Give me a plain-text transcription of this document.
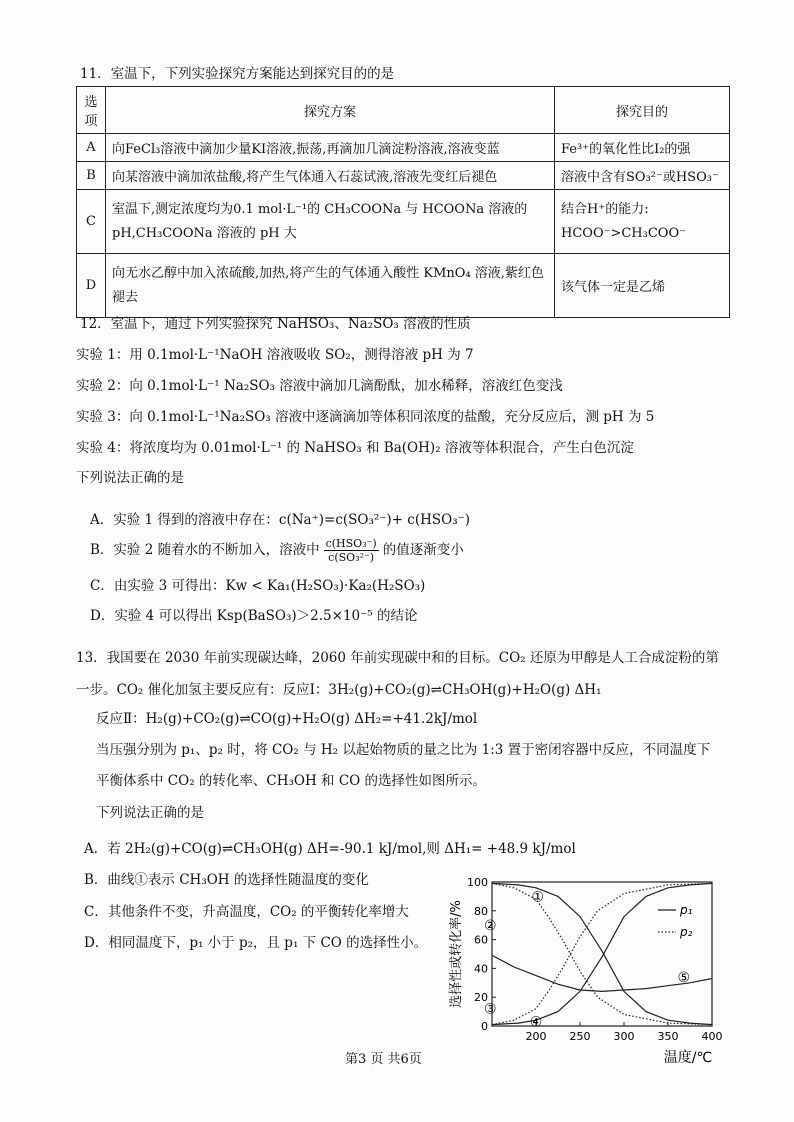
11．室温下，下列实验探究方案能达到探究目的的是
选项	探究方案	探究目的
A	向FeCl₃溶液中滴加少量KI溶液,振荡,再滴加几滴淀粉溶液,溶液变蓝	Fe³⁺的氧化性比I₂的强
B	向某溶液中滴加浓盐酸,将产生气体通入石蕊试液,溶液先变红后褪色	溶液中含有SO₃²⁻或HSO₃⁻
C	室温下,测定浓度均为0.1 mol·L⁻¹的 CH₃COONa 与 HCOONa 溶液的pH,CH₃COONa 溶液的 pH 大	结合H⁺的能力: HCOO⁻>CH₃COO⁻
D	向无水乙醇中加入浓硫酸,加热,将产生的气体通入酸性 KMnO₄ 溶液,紫红色褪去	该气体一定是乙烯
12．室温下，通过下列实验探究 NaHSO₃、Na₂SO₃ 溶液的性质
实验 1：用 0.1mol·L⁻¹NaOH 溶液吸收 SO₂，测得溶液 pH 为 7
实验 2：向 0.1mol·L⁻¹ Na₂SO₃ 溶液中滴加几滴酚酞，加水稀释，溶液红色变浅
实验 3：向 0.1mol·L⁻¹Na₂SO₃ 溶液中逐滴滴加等体积同浓度的盐酸，充分反应后，测 pH 为 5
实验 4：将浓度均为 0.01mol·L⁻¹ 的 NaHSO₃ 和 Ba(OH)₂ 溶液等体积混合，产生白色沉淀
下列说法正确的是
A．实验 1 得到的溶液中存在：c(Na⁺)=c(SO₃²⁻)+ c(HSO₃⁻)
B．实验 2 随着水的不断加入，溶液中 $\frac{\text{c(HSO₃⁻)}}{\text{c(SO₃²⁻)}}$ 的值逐渐变小
C．由实验 3 可得出：Kw < Ka₁(H₂SO₃)·Ka₂(H₂SO₃)
D．实验 4 可以得出 Ksp(BaSO₃)＞2.5×10⁻⁵ 的结论
13．我国要在 2030 年前实现碳达峰，2060 年前实现碳中和的目标。CO₂ 还原为甲醇是人工合成淀粉的第
一步。CO₂ 催化加氢主要反应有：反应Ⅰ：3H₂(g)+CO₂(g)⇌CH₃OH(g)+H₂O(g) ΔH₁
反应Ⅱ：H₂(g)+CO₂(g)⇌CO(g)+H₂O(g) ΔH₂=+41.2kJ/mol
当压强分别为 p₁、p₂ 时，将 CO₂ 与 H₂ 以起始物质的量之比为 1:3 置于密闭容器中反应，不同温度下
平衡体系中 CO₂ 的转化率、CH₃OH 和 CO 的选择性如图所示。
下列说法正确的是
A．若 2H₂(g)+CO(g)⇌CH₃OH(g) ΔH=-90.1 kJ/mol,则 ΔH₁= +48.9 kJ/mol
B．曲线①表示 CH₃OH 的选择性随温度的变化
C．其他条件不变，升高温度，CO₂ 的平衡转化率增大
D．相同温度下，p₁ 小于 p₂，且 p₁ 下 CO 的选择性小。
0
20
40
60
80
100
200 250 300 350 400
①
②
③
④
⑤
p₁
p₂
选择性或转化率/%
温度/℃
第3 页 共6页
